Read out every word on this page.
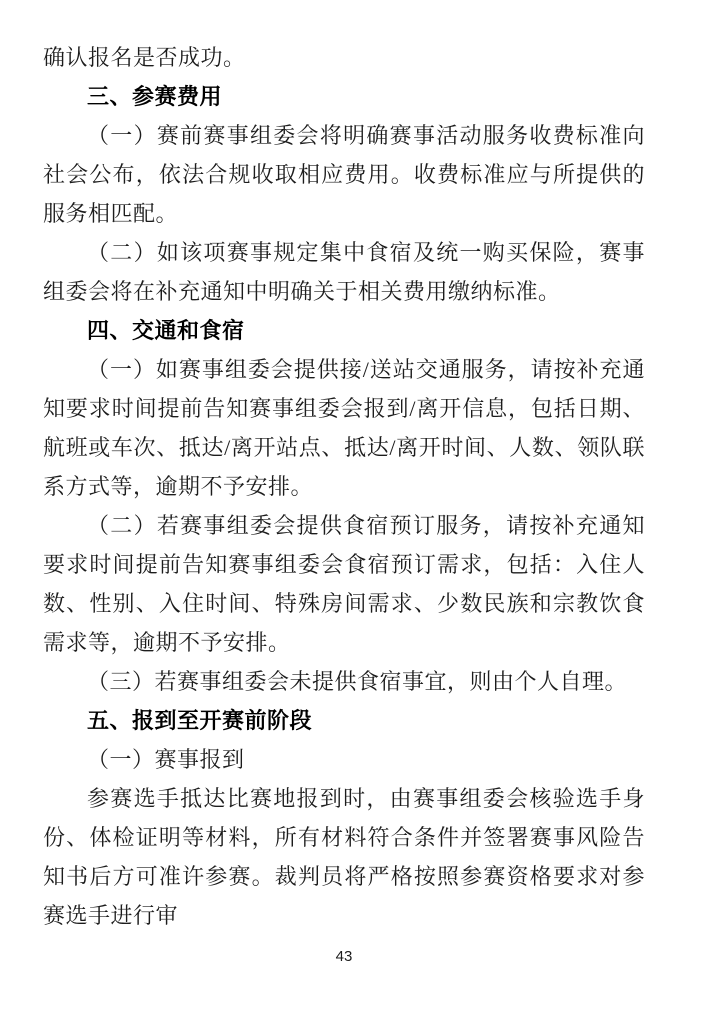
确认报名是否成功。

三、参赛费用

（一）赛前赛事组委会将明确赛事活动服务收费标准向社会公布，依法合规收取相应费用。收费标准应与所提供的服务相匹配。

（二）如该项赛事规定集中食宿及统一购买保险，赛事组委会将在补充通知中明确关于相关费用缴纳标准。

四、交通和食宿

（一）如赛事组委会提供接/送站交通服务，请按补充通知要求时间提前告知赛事组委会报到/离开信息，包括日期、航班或车次、抵达/离开站点、抵达/离开时间、人数、领队联系方式等，逾期不予安排。

（二）若赛事组委会提供食宿预订服务，请按补充通知要求时间提前告知赛事组委会食宿预订需求，包括：入住人数、性别、入住时间、特殊房间需求、少数民族和宗教饮食需求等，逾期不予安排。

（三）若赛事组委会未提供食宿事宜，则由个人自理。

五、报到至开赛前阶段

（一）赛事报到

参赛选手抵达比赛地报到时，由赛事组委会核验选手身份、体检证明等材料，所有材料符合条件并签署赛事风险告知书后方可准许参赛。裁判员将严格按照参赛资格要求对参赛选手进行审

43
